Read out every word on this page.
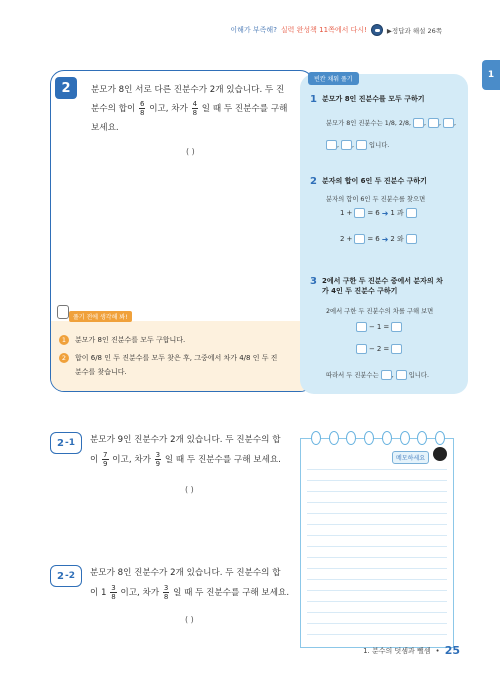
이해가 부족해? 실력 완성책 11쪽에서 다시!	▶정답과 해설 26쪽
1
2	분모가 8인 서로 다른 진분수가 2개 있습니다. 두 진
분수의 합이 $\frac{6}{8}$ 이고, 차가 $\frac{4}{8}$ 일 때 두 진분수를 구해
보세요.
( )
풀기 전에 생각해 봐!
1	분모가 8인 진분수를 모두 구합니다.
2	합이 6/8 인 두 진분수를 모두 찾은 후, 그중에서 차가 4/8 인 두 진
분수를 찾습니다.
빈칸 채워 풀기
1 분모가 8인 진분수를 모두 구하기
분모가 8인 진분수는 1/8, 2/8, , , ,
, ,  입니다.
2 분자의 합이 6인 두 진분수 구하기
분자의 합이 6인 두 진분수를 찾으면
1 + = 6 ➜ 1 과
2 + = 6 ➜ 2 와
3 2에서 구한 두 진분수 중에서 분자의 차
가 4인 두 진분수 구하기
2에서 구한 두 진분수의 차를 구해 보면
− 1 =
− 2 =
따라서 두 진분수는 ,  입니다.
2 -1 분모가 9인 진분수가 2개 있습니다. 두 진분수의 합
이 $\frac{7}{9}$ 이고, 차가 $\frac{3}{9}$ 일 때 두 진분수를 구해 보세요.
( )
2 -2 분모가 8인 진분수가 2개 있습니다. 두 진분수의 합
이 $1 \frac{3}{8}$ 이고, 차가 $\frac{3}{8}$ 일 때 두 진분수를 구해 보세요.
( )
메모하세요
1. 분수의 덧셈과 뺄셈 • 25
